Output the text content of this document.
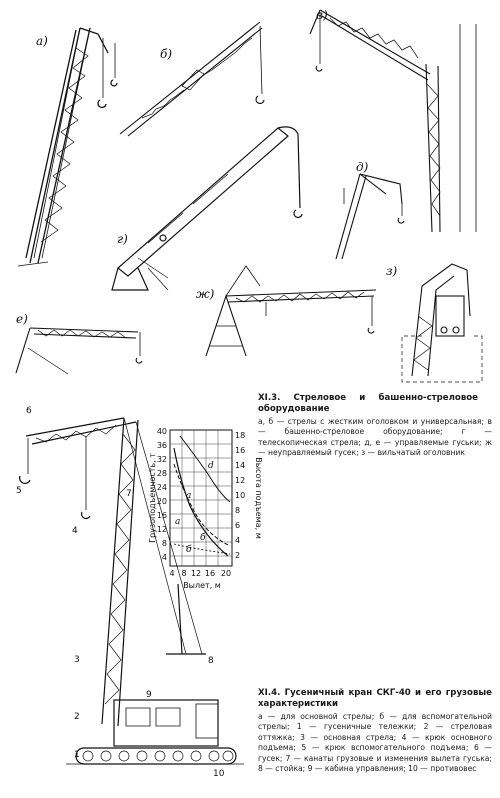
а)
б)
в)
г)
д)
з)
е)
ж)
XI.3. Стреловое и башенно-стреловое оборудование
а, б — стрелы с жестким оголовком и универсальная; в — башенно-стреловое оборудование; г — телескопическая стрела; д, е — управляемые гуськи; ж — неуправляемый гусек; з — вильчатый оголовник
1
2
3
4
5
6
7
8
9
10
40
36
32
28
24
20
16
12
8
4
18
16
14
12
10
8
6
4
2
4 8 12 16 20
Вылет, м
Грузоподъемность, т	Высота подъема, м
а
а
б
б
d
XI.4. Гусеничный кран СКГ-40 и его грузовые характеристики
а — для основной стрелы; б — для вспомогательной стрелы; 1 — гусеничные тележки; 2 — стреловая оттяжка; 3 — основная стрела; 4 — крюк основного подъема; 5 — крюк вспомогательного подъема; 6 — гусек; 7 — канаты грузовые и изменения вылета гуська; 8 — стойка; 9 — кабина управления; 10 — противовес
